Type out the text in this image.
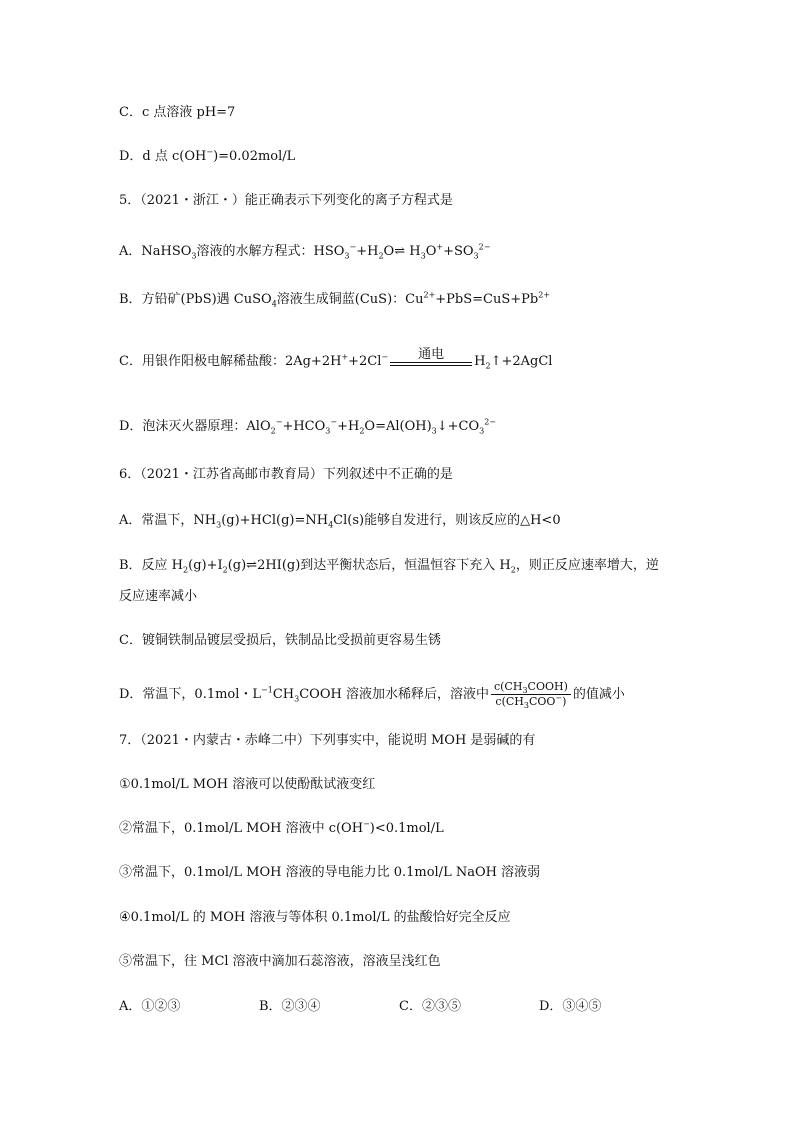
C．c 点溶液 pH=7
D．d 点 c(OH−)=0.02mol/L
5．（2021・浙江・）能正确表示下列变化的离子方程式是
A．NaHSO$_3$溶液的水解方程式：$HSO_3^-+H_2O\rightleftharpoons$ $H_3O^++SO_3^{2-}$
B．方铅矿(PbS)遇 CuSO$_4$溶液生成铜蓝(CuS)：$Cu^{2+}+PbS=CuS+Pb^{2+}$
C．用银作阳极电解稀盐酸：2Ag+2H++2Cl−	通电	$H_2↑+2AgCl$
D．泡沫灭火器原理：$AlO_2^-+HCO_3^-+H_2O=Al(OH)_3↓+CO_3^{2-}$
6．（2021・江苏省高邮市教育局）下列叙述中不正确的是
A．常温下，$NH_3(g)+HCl(g)=NH_4Cl(s)$能够自发进行，则该反应的△H<0
B．反应 $H_2(g)+I_2(g)\rightleftharpoons 2HI(g)$到达平衡状态后，恒温恒容下充入 $H_2$，则正反应速率增大，逆
反应速率减小
C．镀铜铁制品镀层受损后，铁制品比受损前更容易生锈
D．常温下，0.1mol・$L^{-1}CH_3COOH$ 溶液加水稀释后，溶液中 $\frac{c(CH_3COOH)}{c(CH_3COO^-)}$ 的值减小
7．（2021・内蒙古・赤峰二中）下列事实中，能说明 MOH 是弱碱的有
①0.1mol/L MOH 溶液可以使酚酞试液变红
②常温下，0.1mol/L MOH 溶液中 c(OH−)<0.1mol/L
③常温下，0.1mol/L MOH 溶液的导电能力比 0.1mol/L NaOH 溶液弱
④0.1mol/L 的 MOH 溶液与等体积 0.1mol/L 的盐酸恰好完全反应
⑤常温下，往 MCl 溶液中滴加石蕊溶液，溶液呈浅红色
A．①②③	B．②③④	C．②③⑤	D．③④⑤
